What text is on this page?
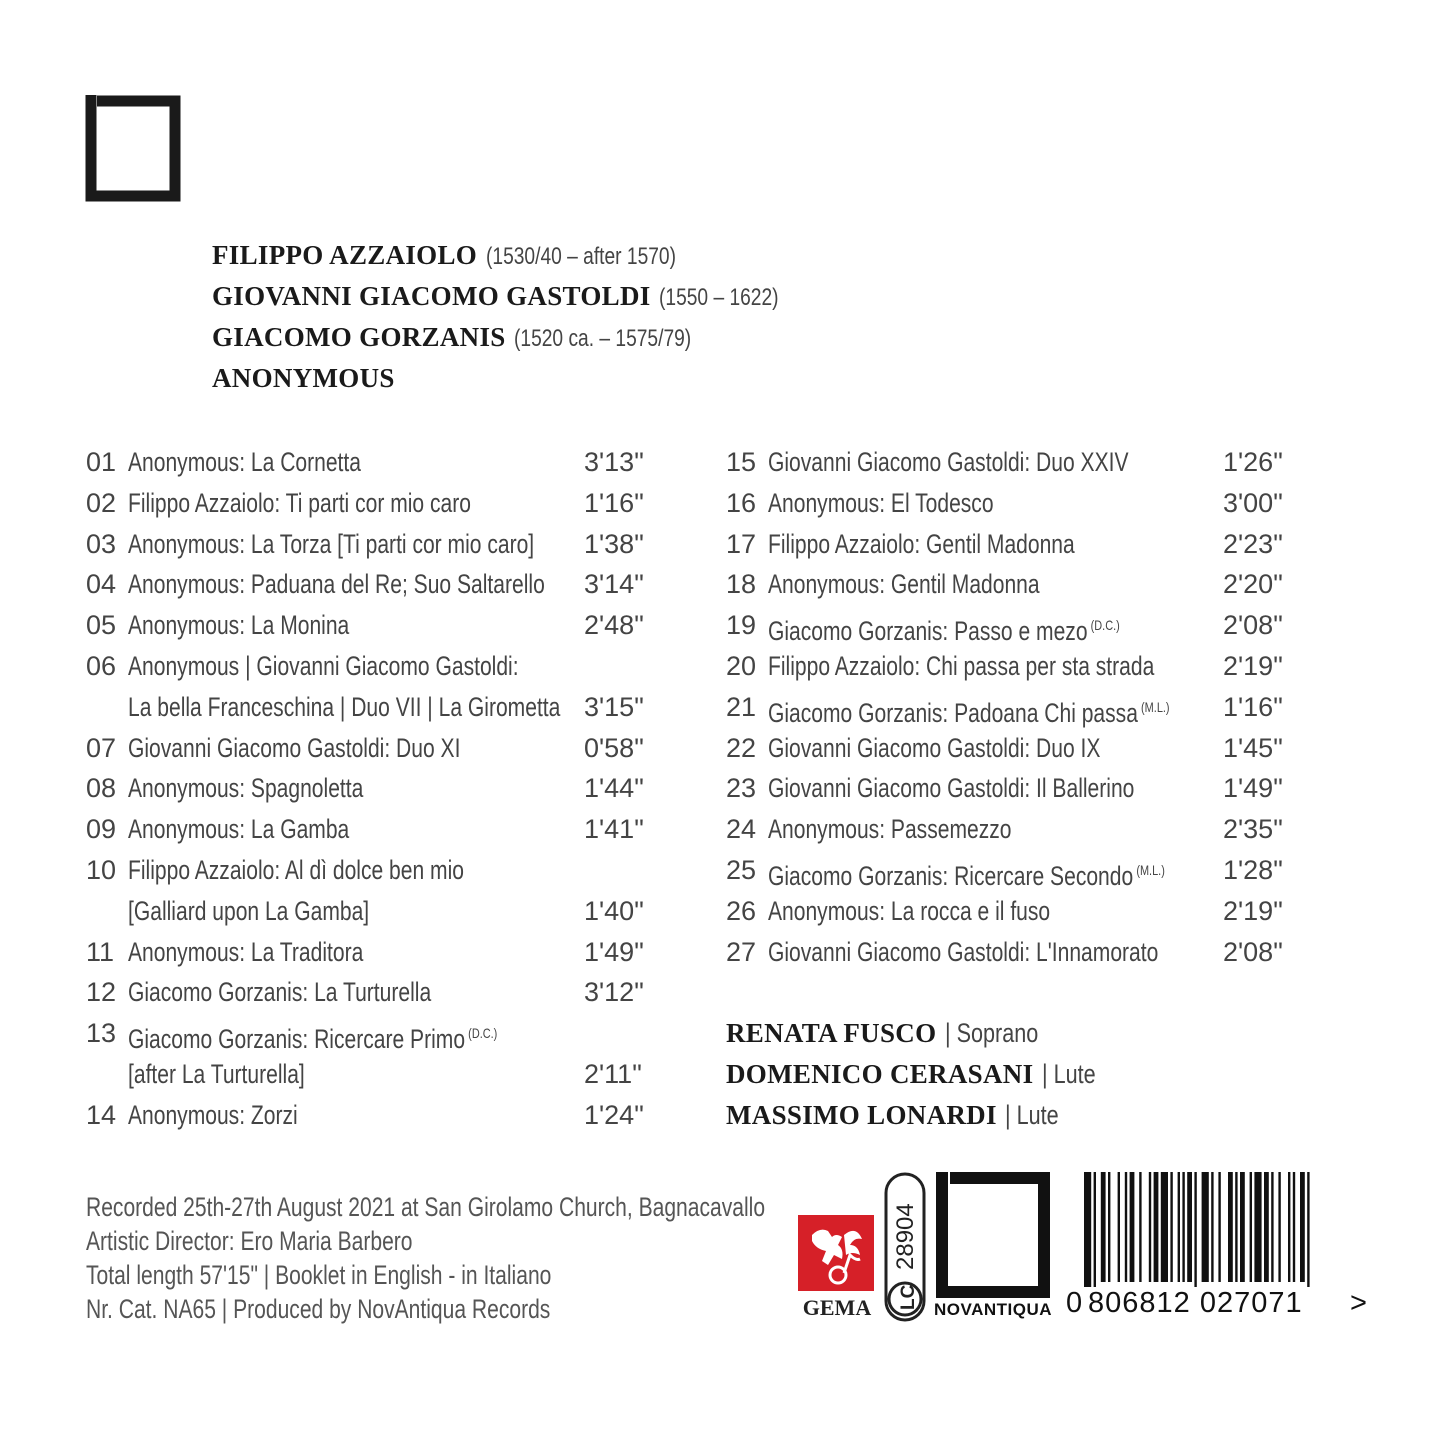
FILIPPO AZZAIOLO (1530/40 – after 1570)
GIOVANNI GIACOMO GASTOLDI (1550 – 1622)
GIACOMO GORZANIS (1520 ca. – 1575/79)
ANONYMOUS
01 Anonymous: La Cornetta	3'13"
02 Filippo Azzaiolo: Ti parti cor mio caro	1'16"
03 Anonymous: La Torza [Ti parti cor mio caro] 1'38"
04 Anonymous: Paduana del Re; Suo Saltarello 3'14"
05 Anonymous: La Monina	2'48"
06 Anonymous | Giovanni Giacomo Gastoldi:
La bella Franceschina | Duo VII | La Girometta 3'15"
07 Giovanni Giacomo Gastoldi: Duo XI	0'58"
08 Anonymous: Spagnoletta	1'44"
09 Anonymous: La Gamba	1'41"
10 Filippo Azzaiolo: Al dì dolce ben mio
[Galliard upon La Gamba]	1'40"
11 Anonymous: La Traditora	1'49"
12 Giacomo Gorzanis: La Turturella	3'12"
13 Giacomo Gorzanis: Ricercare Primo $^{(D.C.)}$
[after La Turturella]	2'11"
14 Anonymous: Zorzi	1'24"
15 Giovanni Giacomo Gastoldi: Duo XXIV	1'26"
16 Anonymous: El Todesco	3'00"
17 Filippo Azzaiolo: Gentil Madonna	2'23"
18 Anonymous: Gentil Madonna	2'20"
19 Giacomo Gorzanis: Passo e mezo $^{(D.C.)}$	2'08"
20 Filippo Azzaiolo: Chi passa per sta strada	2'19"
21 Giacomo Gorzanis: Padoana Chi passa $^{(M.L.)}$ 1'16"
22 Giovanni Giacomo Gastoldi: Duo IX	1'45"
23 Giovanni Giacomo Gastoldi: Il Ballerino	1'49"
24 Anonymous: Passemezzo	2'35"
25 Giacomo Gorzanis: Ricercare Secondo $^{(M.L.)}$ 1'28"
26 Anonymous: La rocca e il fuso	2'19"
27 Giovanni Giacomo Gastoldi: L'Innamorato 2'08"
RENATA FUSCO | Soprano
DOMENICO CERASANI | Lute
MASSIMO LONARDI | Lute
Recorded 25th-27th August 2021 at San Girolamo Church, Bagnacavallo
Artistic Director: Ero Maria Barbero
Total length 57'15" | Booklet in English - in Italiano
Nr. Cat. NA65 | Produced by NovAntiqua Records	GEMA
28904
LC NOVANTIQUA 0 806812 027071 >
